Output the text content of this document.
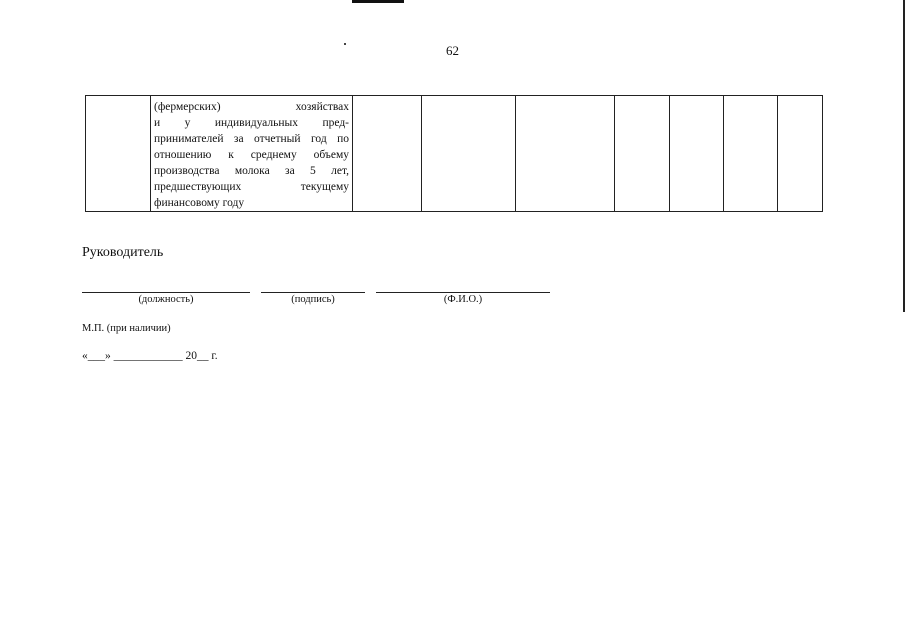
62

(фермерских) хозяйствах
и у индивидуальных пред-
принимателей за отчетный год по
отношению к среднему объему
производства молока за 5 лет,
предшествующих текущему
финансовому году

Руководитель
(должность)	(подпись)	(Ф.И.О.)
М.П. (при наличии)
«___» ____________ 20__ г.
